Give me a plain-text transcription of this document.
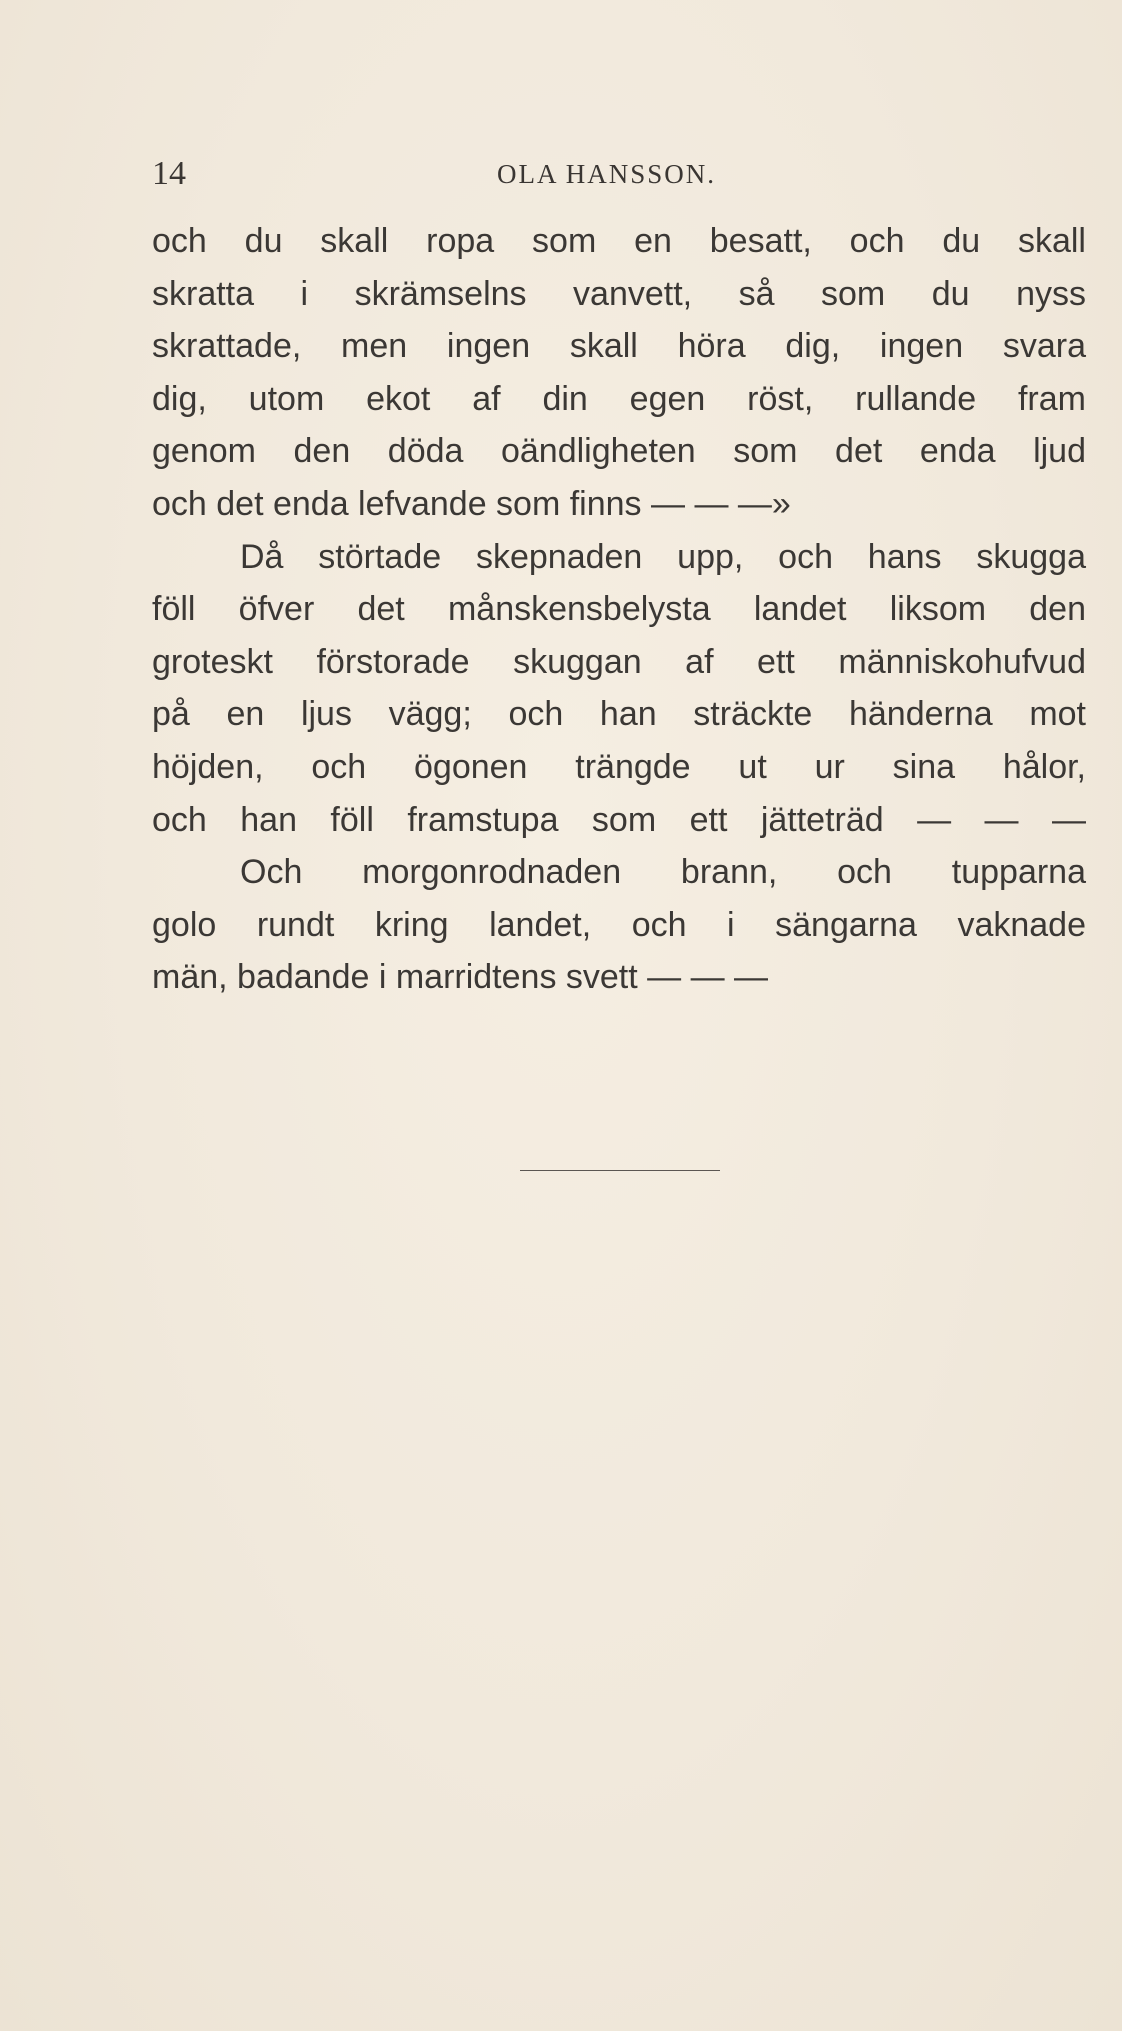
14	OLA HANSSON.
och du skall ropa som en besatt, och du skall
skratta i skrämselns vanvett, så som du nyss
skrattade, men ingen skall höra dig, ingen svara
dig, utom ekot af din egen röst, rullande fram
genom den döda oändligheten som det enda ljud
och det enda lefvande som finns — — —»
Då störtade skepnaden upp, och hans skugga
föll öfver det månskensbelysta landet liksom den
groteskt förstorade skuggan af ett människohufvud
på en ljus vägg; och han sträckte händerna mot
höjden, och ögonen trängde ut ur sina hålor,
och han föll framstupa som ett jätteträd — — —
Och morgonrodnaden brann, och tupparna
golo rundt kring landet, och i sängarna vaknade
män, badande i marridtens svett — — —
